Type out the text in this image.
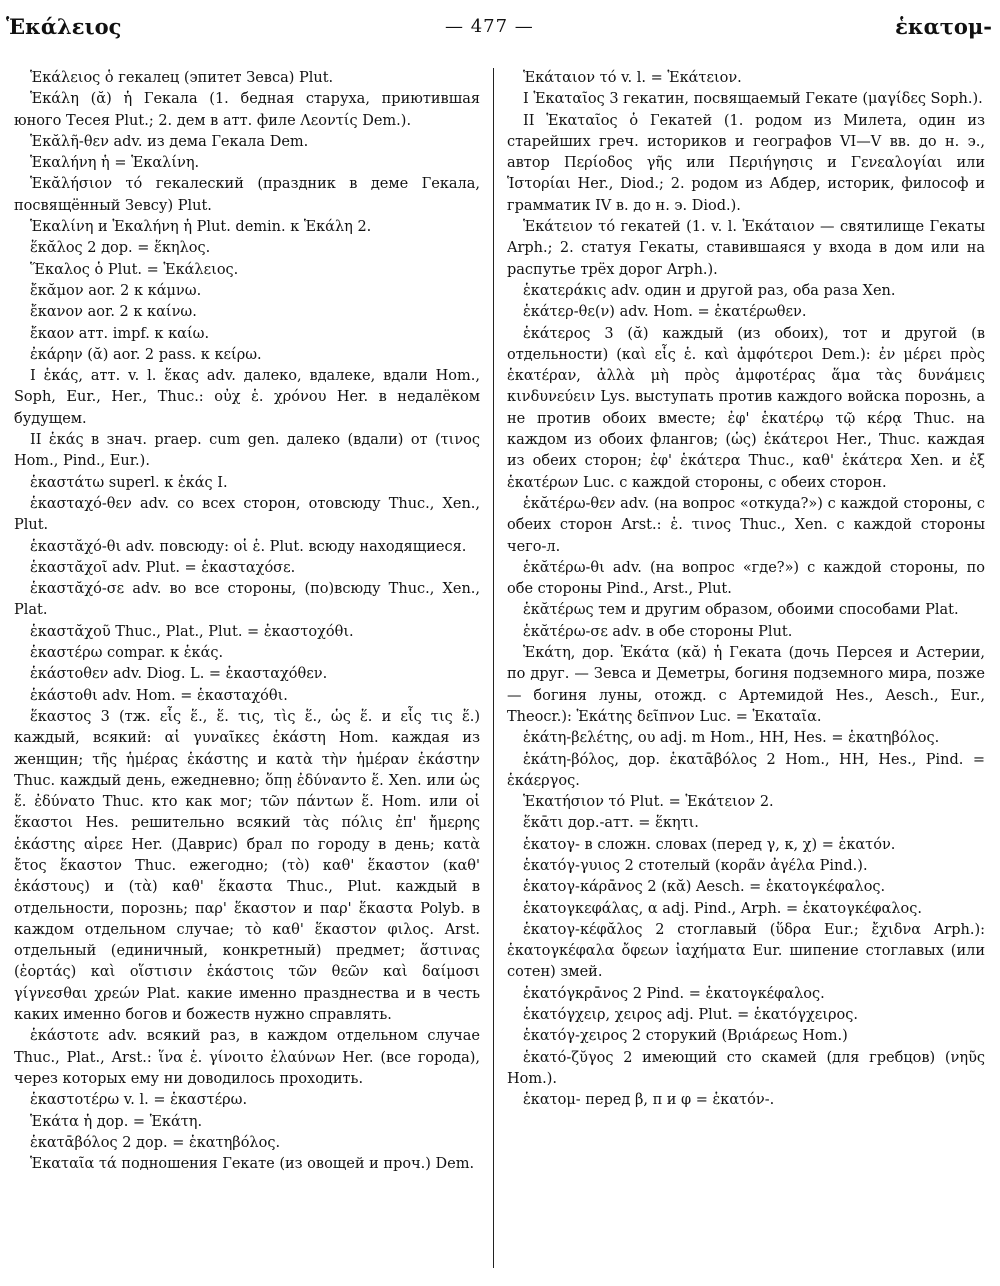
Ἑκάλειος	— 477 —	ἑκατομ-

Ἑκάλειος ὁ гекалец (эпитет Зевса) Plut.

Ἑκάλη (ᾰ) ἡ Гекала (1. бедная старуха, приютившая юного Тесея Plut.; 2. дем в атт. филе Λεοντίς Dem.).

Ἑκᾰλῆ-θεν adv. из дема Гекала Dem.

Ἑκαλήνη ἡ = Ἑκαλίνη.

Ἑκᾰλήσιον τό гекалеский (праздник в деме Гекала, посвящённый Зевсу) Plut.

Ἑκαλίνη и Ἑκαλήνη ἡ Plut. demin. к Ἑκάλη 2.

ἕκᾰλος 2 дор. = ἕκηλος.

Ἕκαλος ὁ Plut. = Ἑκάλειος.

ἔκᾰμον aor. 2 к κάμνω.

ἔκανον aor. 2 к καίνω.

ἔκαον атт. impf. к καίω.

ἐκάρην (ᾰ) aor. 2 pass. к κείρω.

I ἑκάς, атт. v. l. ἕκας adv. далеко, вдалеке, вдали Hom., Soph, Eur., Her., Thuc.: οὐχ ἑ. χρόνου Her. в недалёком будущем.

II ἑκάς в знач. praep. cum gen. далеко (вдали) от (τινος Hom., Pind., Eur.).

ἑκαστάτω superl. к ἑκάς I.

ἑκασταχό-θεν adv. со всех сторон, отовсюду Thuc., Xen., Plut.

ἑκαστᾰχό-θι adv. повсюду: οἱ ἑ. Plut. всюду находящиеся.

ἑκαστᾰχοῖ adv. Plut. = ἑκασταχόσε.

ἑκαστᾰχό-σε adv. во все стороны, (по)всюду Thuc., Xen., Plat.

ἑκαστᾰχοῦ Thuc., Plat., Plut. = ἑκαστοχόθι.

ἑκαστέρω compar. к ἑκάς.

ἑκάστοθεν adv. Diog. L. = ἑκασταχόθεν.

ἑκάστοθι adv. Hom. = ἑκασταχόθι.

ἕκαστος 3 (тж. εἷς ἕ., ἕ. τις, τὶς ἕ., ὡς ἕ. и εἷς τις ἕ.) каждый, всякий: αἱ γυναῖκες ἑκάστη Hom. каждая из женщин; τῆς ἡμέρας ἑκάστης и κατὰ τὴν ἡμέραν ἑκάστην Thuc. каждый день, ежедневно; ὅπῃ ἐδύναντο ἕ. Xen. или ὡς ἕ. ἐδύνατο Thuc. кто как мог; τῶν πάντων ἕ. Hom. или οἱ ἕκαστοι Hes. решительно всякий τὰς πόλις ἐπ' ἤμερης ἑκάστης αἱρεε Her. (Даврис) брал по городу в день; κατὰ ἔτος ἕκαστον Thuc. ежегодно; (τὸ) καθ' ἕκαστον (καθ' ἑκάστους) и (τὰ) καθ' ἕκαστα Thuc., Plut. каждый в отдельности, порознь; παρ' ἕκαστον и παρ' ἕκαστα Polyb. в каждом отдельном случае; τὸ καθ' ἕκαστον φιλος. Arst. отдельный (единичный, конкретный) предмет; ἅστινας (ἑορτάς) καὶ οἵστισιν ἑκάστοις τῶν θεῶν καὶ δαίμοσι γίγνεσθαι χρεών Plat. какие именно празднества и в честь каких именно богов и божеств нужно справлять.

ἑκάστοτε adv. всякий раз, в каждом отдельном случае Thuc., Plat., Arst.: ἵνα ἑ. γίνοιτο ἐλαύνων Her. (все города), через которых ему ни доводилось проходить.

ἑκαστοτέρω v. l. = ἑκαστέρω.

Ἑκάτα ἡ дор. = Ἑκάτη.

ἑκατᾱβόλος 2 дор. = ἑκατηβόλος.

Ἑκαταῖα τά подношения Гекате (из овощей и проч.) Dem.

Ἑκάταιον τό v. l. = Ἑκάτειον.

I Ἑκαταῖος 3 гекатин, посвящаемый Гекате (μαγίδες Soph.).

II Ἑκαταῖος ὁ Гекатей (1. родом из Милета, один из старейших греч. историков и географов VI—V вв. до н. э., автор Περίοδος γῆς или Περιήγησις и Γενεαλογίαι или Ἱστορίαι Her., Diod.; 2. родом из Абдер, историк, философ и грамматик IV в. до н. э. Diod.).

Ἑκάτειον τό гекатей (1. v. l. Ἑκάταιον — святилище Гекаты Arph.; 2. статуя Гекаты, ставившаяся у входа в дом или на распутье трёх дорог Arph.).

ἑκατεράκις adv. один и другой раз, оба раза Xen.

ἑκάτερ-θε(ν) adv. Hom. = ἑκατέρωθεν.

ἑκάτερος 3 (ᾰ) каждый (из обоих), тот и другой (в отдельности) (καὶ εἷς ἑ. καὶ ἀμφότεροι Dem.): ἐν μέρει πρὸς ἑκατέραν, ἀλλὰ μὴ πρὸς ἀμφοτέρας ἅμα τὰς δυνάμεις κινδυνεύειν Lys. выступать против каждого войска порознь, а не против обоих вместе; ἐφ' ἑκατέρῳ τῷ κέρᾳ Thuc. на каждом из обоих флангов; (ὡς) ἑκάτεροι Her., Thuc. каждая из обеих сторон; ἐφ' ἑκάτερα Thuc., καθ' ἑκάτερα Xen. и ἐξ ἑκατέρων Luc. с каждой стороны, с обеих сторон.

ἑκᾰτέρω-θεν adv. (на вопрос «откуда?») с каждой стороны, с обеих сторон Arst.: ἑ. τινος Thuc., Xen. с каждой стороны чего-л.

ἑκᾰτέρω-θι adv. (на вопрос «где?») с каждой стороны, по обе стороны Pind., Arst., Plut.

ἑκᾰτέρως тем и другим образом, обоими способами Plat.

ἑκᾰτέρω-σε adv. в обе стороны Plut.

Ἑκάτη, дор. Ἑκάτα (κᾰ) ἡ Геката (дочь Персея и Астерии, по друг. — Зевса и Деметры, богиня подземного мира, позже — богиня луны, отожд. с Артемидой Hes., Aesch., Eur., Theocr.): Ἑκάτης δεῖπνον Luc. = Ἑκαταῖα.

ἑκάτη-βελέτης, ου adj. m Hom., HH, Hes. = ἑκατηβόλος.

ἑκάτη-βόλος, дор. ἑκατᾱβόλος 2 Hom., HH, Hes., Pind. = ἑκάεργος.

Ἑκατήσιον τό Plut. = Ἑκάτειον 2.

ἕκᾱτι дор.-атт. = ἕκητι.

ἑκατογ- в сложн. словах (перед γ, κ, χ) = ἑκατόν.

ἑκατόγ-γυιος 2 стотелый (κορᾶν ἀγέλα Pind.).

ἑκατογ-κάρᾱνος 2 (κᾰ) Aesch. = ἑκατογκέφαλος.

ἑκατογκεφάλας, α adj. Pind., Arph. = ἑκατογκέφαλος.

ἑκατογ-κέφᾰλος 2 стоглавый (ὕδρα Eur.; ἔχιδνα Arph.): ἑκατογκέφαλα ὄφεων ἰαχήματα Eur. шипение стоглавых (или сотен) змей.

ἑκατόγκρᾱνος 2 Pind. = ἑκατογκέφαλος.

ἑκατόγχειρ, χειρος adj. Plut. = ἑκατόγχειρος.

ἑκατόγ-χειρος 2 сторукий (Βριάρεως Hom.)

ἑκατό-ζῠγος 2 имеющий сто скамей (для гребцов) (νηῦς Hom.).

ἑκατομ- перед β, π и φ = ἑκατόν-.
